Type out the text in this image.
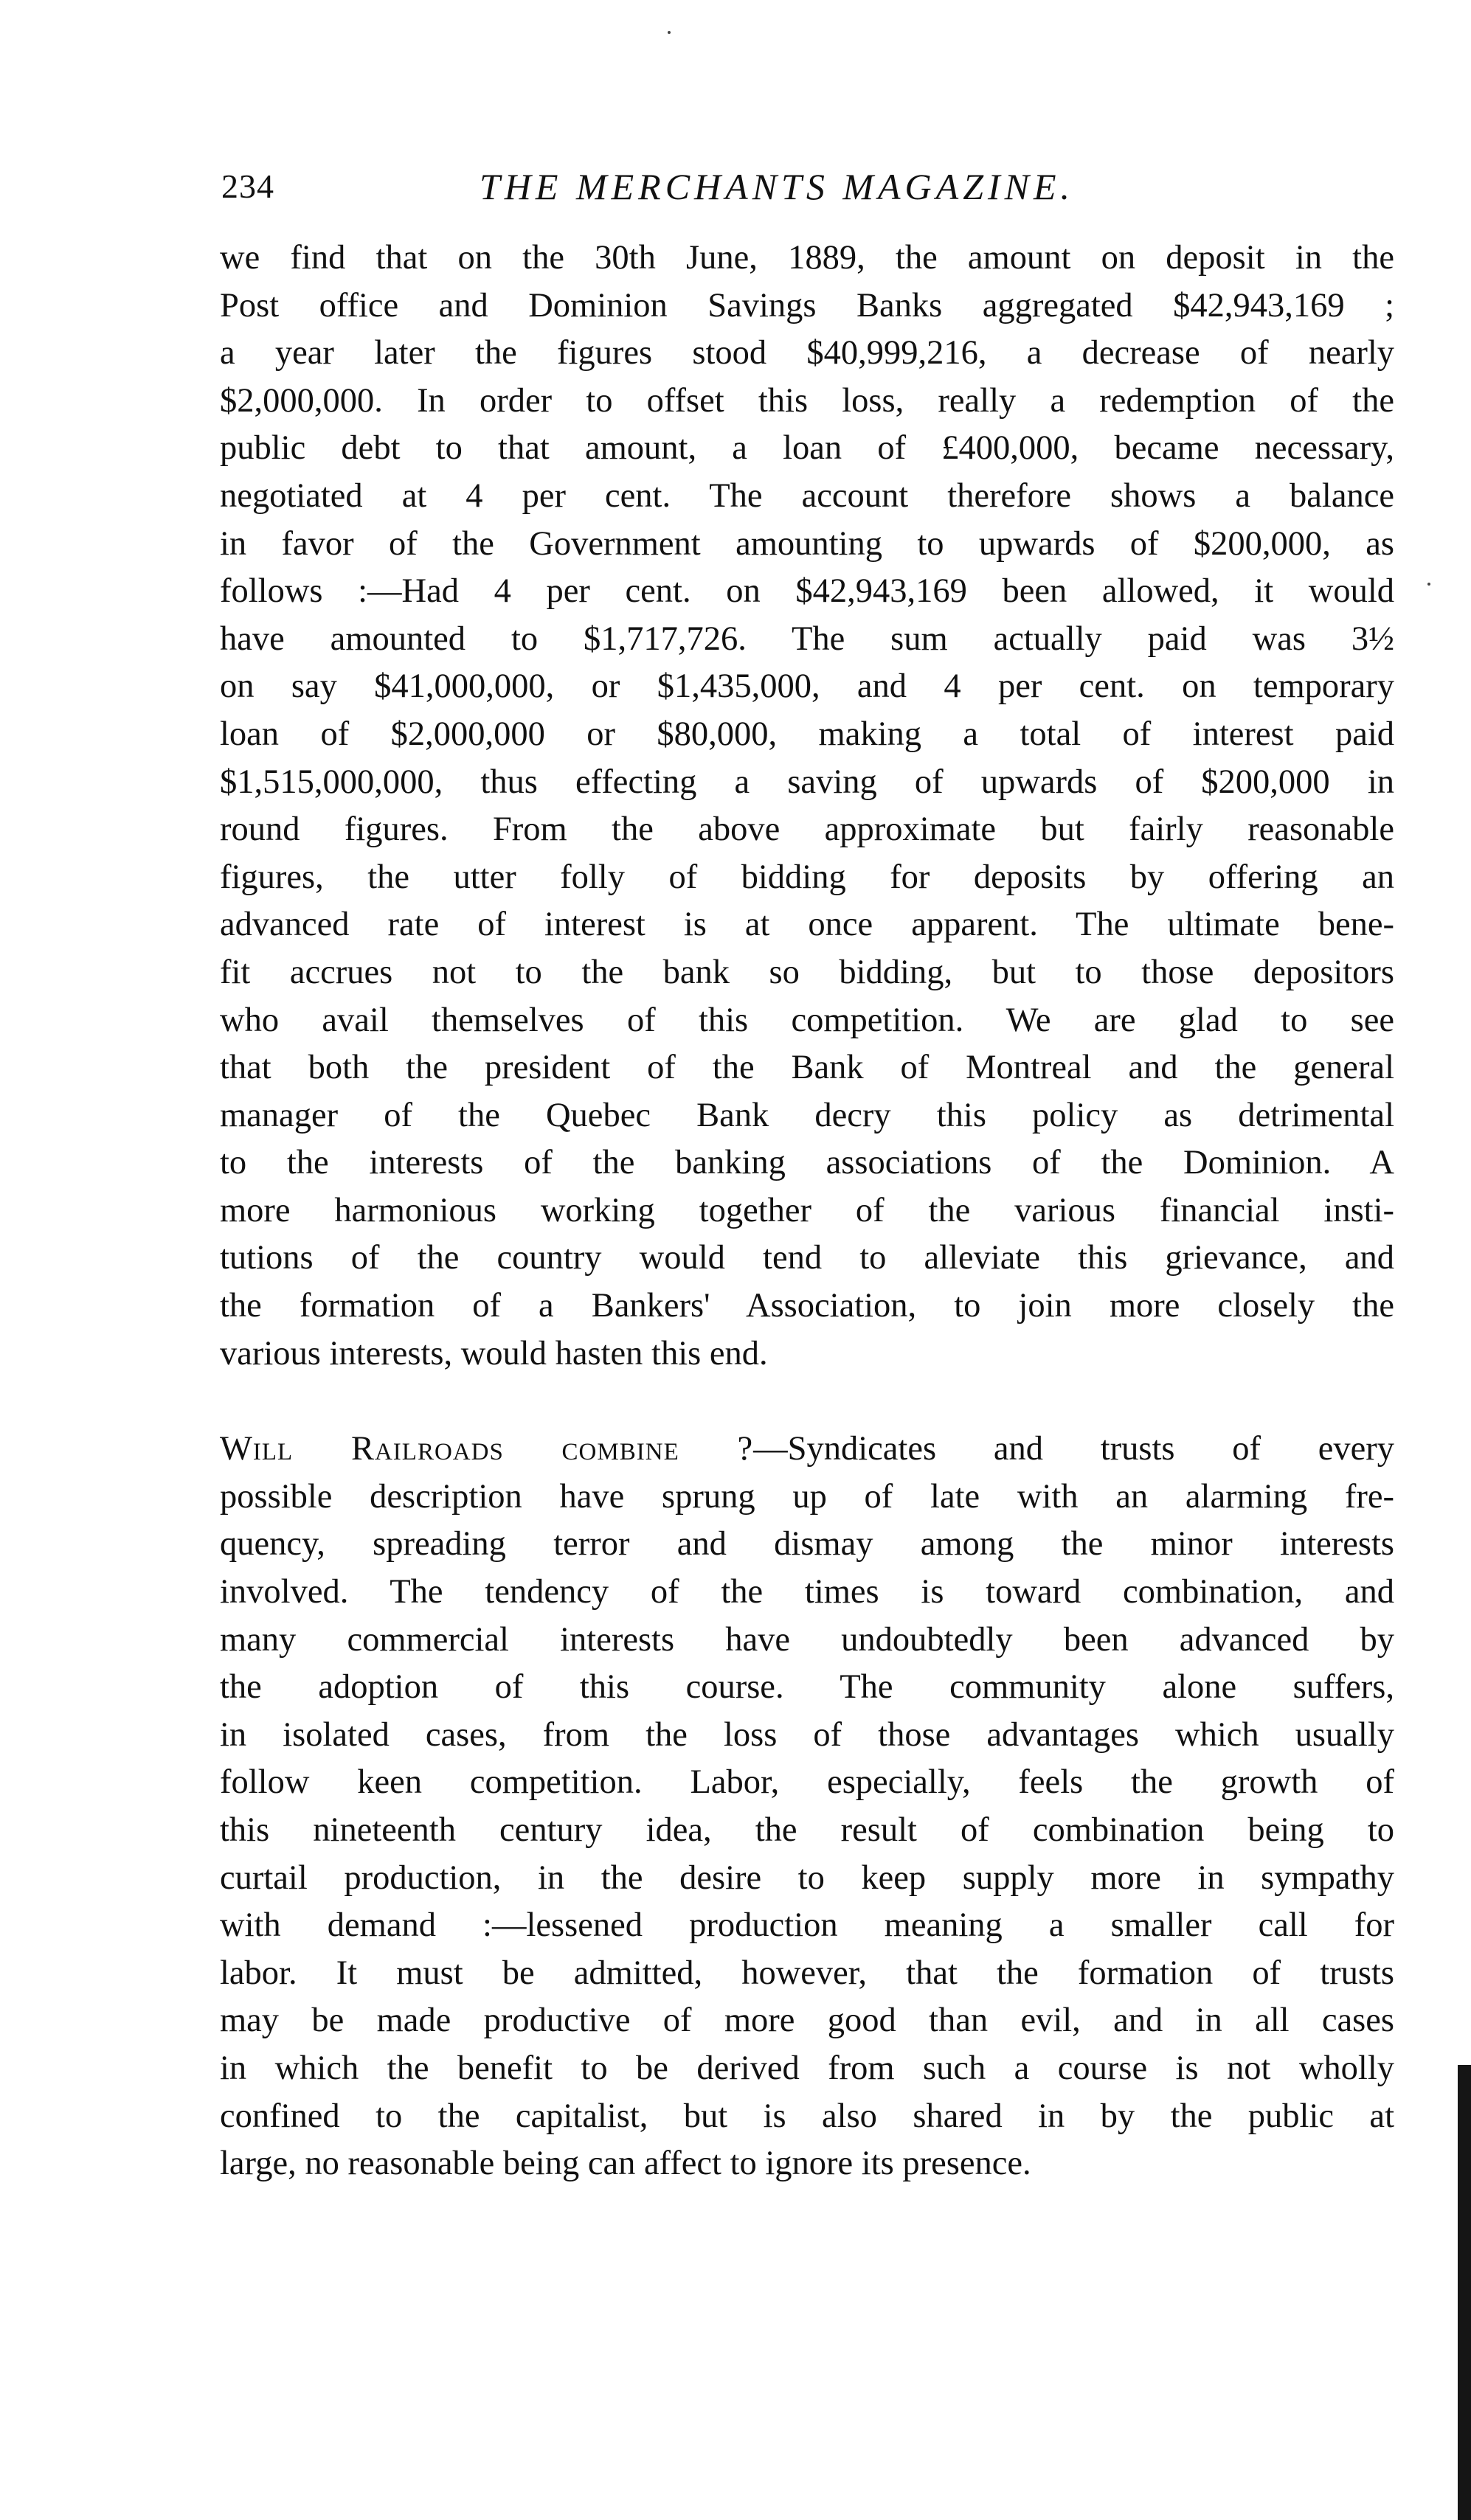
234	THE MERCHANTS MAGAZINE.
we find that on the 30th June, 1889, the amount on deposit in the
Post office and Dominion Savings Banks aggregated $42,943,169 ;
a year later the figures stood $40,999,216, a decrease of nearly
$2,000,000. In order to offset this loss, really a redemption of the
public debt to that amount, a loan of £400,000, became necessary,
negotiated at 4 per cent. The account therefore shows a balance
in favor of the Government amounting to upwards of $200,000, as
follows :—Had 4 per cent. on $42,943,169 been allowed, it would
have amounted to $1,717,726. The sum actually paid was 3½
on say $41,000,000, or $1,435,000, and 4 per cent. on temporary
loan of $2,000,000 or $80,000, making a total of interest paid
$1,515,000,000, thus effecting a saving of upwards of $200,000 in
round figures. From the above approximate but fairly reasonable
figures, the utter folly of bidding for deposits by offering an
advanced rate of interest is at once apparent. The ultimate bene-
fit accrues not to the bank so bidding, but to those depositors
who avail themselves of this competition. We are glad to see
that both the president of the Bank of Montreal and the general
manager of the Quebec Bank decry this policy as detrimental
to the interests of the banking associations of the Dominion. A
more harmonious working together of the various financial insti-
tutions of the country would tend to alleviate this grievance, and
the formation of a Bankers' Association, to join more closely the
various interests, would hasten this end.
Will Railroads combine ?—Syndicates and trusts of every
possible description have sprung up of late with an alarming fre-
quency, spreading terror and dismay among the minor interests
involved. The tendency of the times is toward combination, and
many commercial interests have undoubtedly been advanced by
the adoption of this course. The community alone suffers,
in isolated cases, from the loss of those advantages which usually
follow keen competition. Labor, especially, feels the growth of
this nineteenth century idea, the result of combination being to
curtail production, in the desire to keep supply more in sympathy
with demand :—lessened production meaning a smaller call for
labor. It must be admitted, however, that the formation of trusts
may be made productive of more good than evil, and in all cases
in which the benefit to be derived from such a course is not wholly
confined to the capitalist, but is also shared in by the public at
large, no reasonable being can affect to ignore its presence.
